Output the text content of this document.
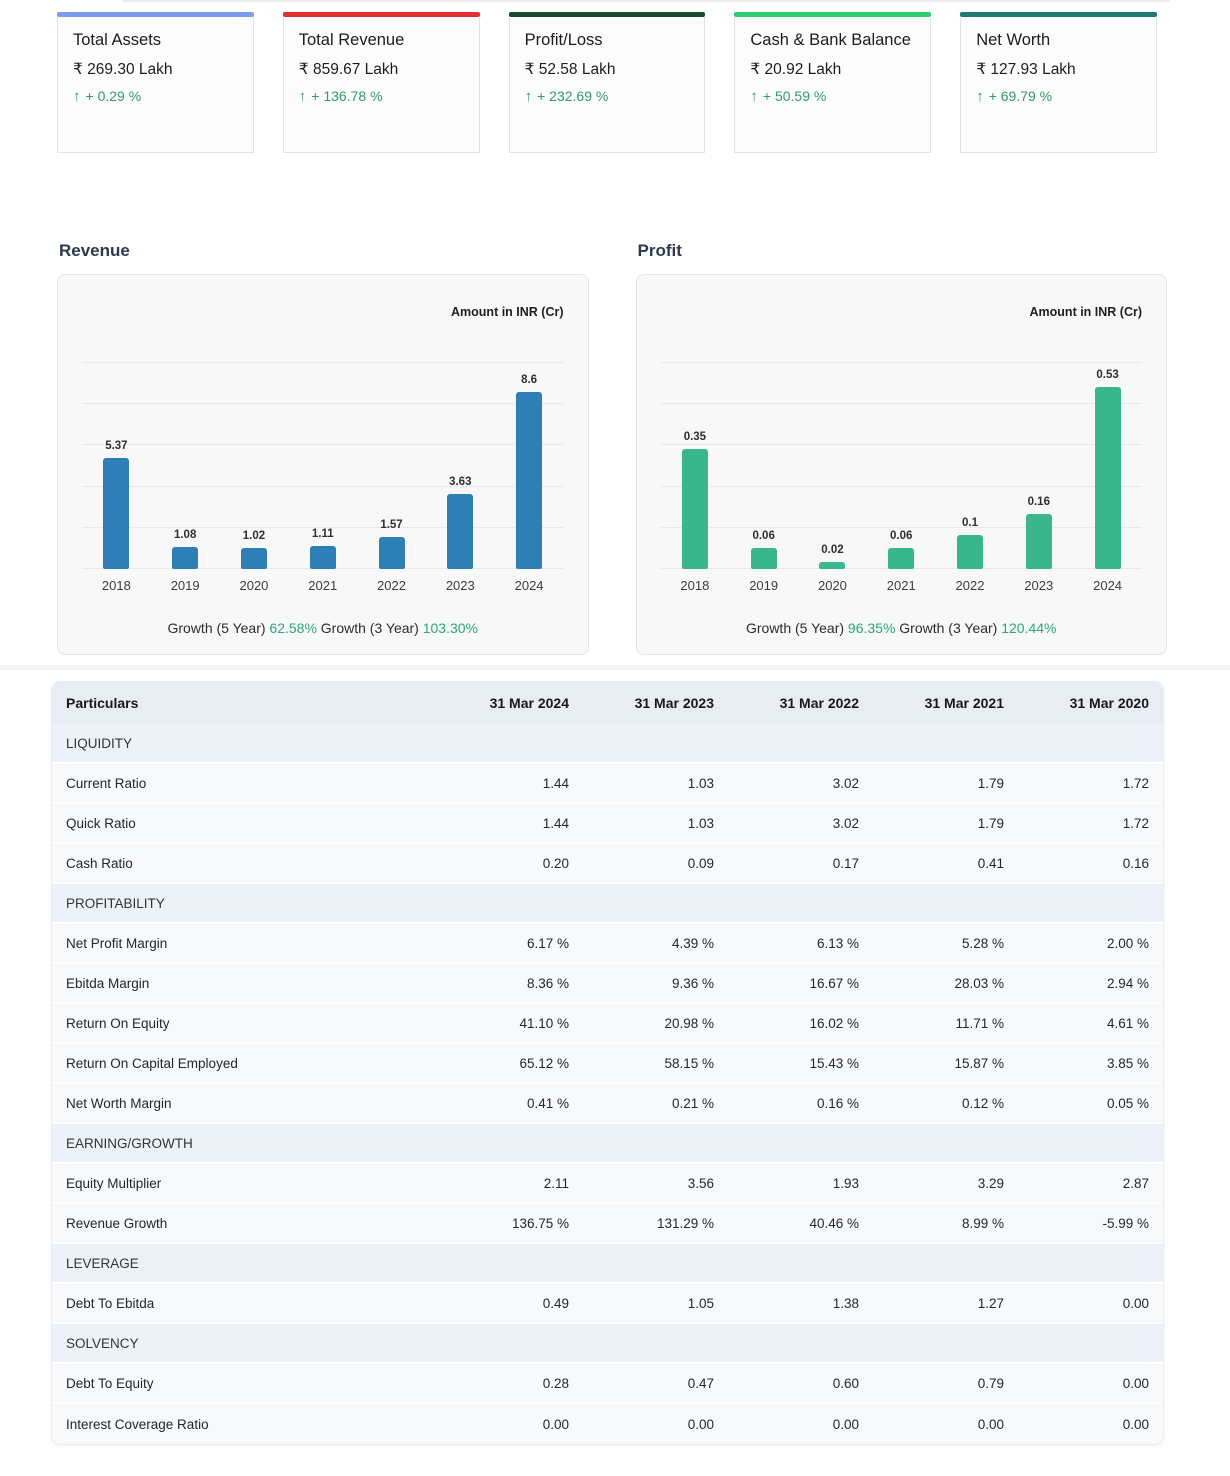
Total Assets
₹ 269.30 Lakh
↑ + 0.29 %
Total Revenue
₹ 859.67 Lakh
↑ + 136.78 %
Profit/Loss
₹ 52.58 Lakh
↑ + 232.69 %
Cash & Bank Balance
₹ 20.92 Lakh
↑ + 50.59 %
Net Worth
₹ 127.93 Lakh
↑ + 69.79 %
Revenue
Amount in INR (Cr)
5.37
1.08	1.02	1.11
1.57
3.63
8.6
2018	2019	2020	2021	2022	2023	2024
Growth (5 Year) 62.58% Growth (3 Year) 103.30%
Profit
Amount in INR (Cr)
0.35
0.06
0.02
0.06
0.1
0.16
0.53
2018	2019	2020	2021	2022	2023	2024
Growth (5 Year) 96.35% Growth (3 Year) 120.44%
Particulars	31 Mar 2024	31 Mar 2023	31 Mar 2022	31 Mar 2021	31 Mar 2020
LIQUIDITY
Current Ratio	1.44	1.03	3.02	1.79	1.72
Quick Ratio	1.44	1.03	3.02	1.79	1.72
Cash Ratio	0.20	0.09	0.17	0.41	0.16
PROFITABILITY
Net Profit Margin	6.17 %	4.39 %	6.13 %	5.28 %	2.00 %
Ebitda Margin	8.36 %	9.36 %	16.67 %	28.03 %	2.94 %
Return On Equity	41.10 %	20.98 %	16.02 %	11.71 %	4.61 %
Return On Capital Employed	65.12 %	58.15 %	15.43 %	15.87 %	3.85 %
Net Worth Margin	0.41 %	0.21 %	0.16 %	0.12 %	0.05 %
EARNING/GROWTH
Equity Multiplier	2.11	3.56	1.93	3.29	2.87
Revenue Growth	136.75 %	131.29 %	40.46 %	8.99 %	-5.99 %
LEVERAGE
Debt To Ebitda	0.49	1.05	1.38	1.27	0.00
SOLVENCY
Debt To Equity	0.28	0.47	0.60	0.79	0.00
Interest Coverage Ratio	0.00	0.00	0.00	0.00	0.00
